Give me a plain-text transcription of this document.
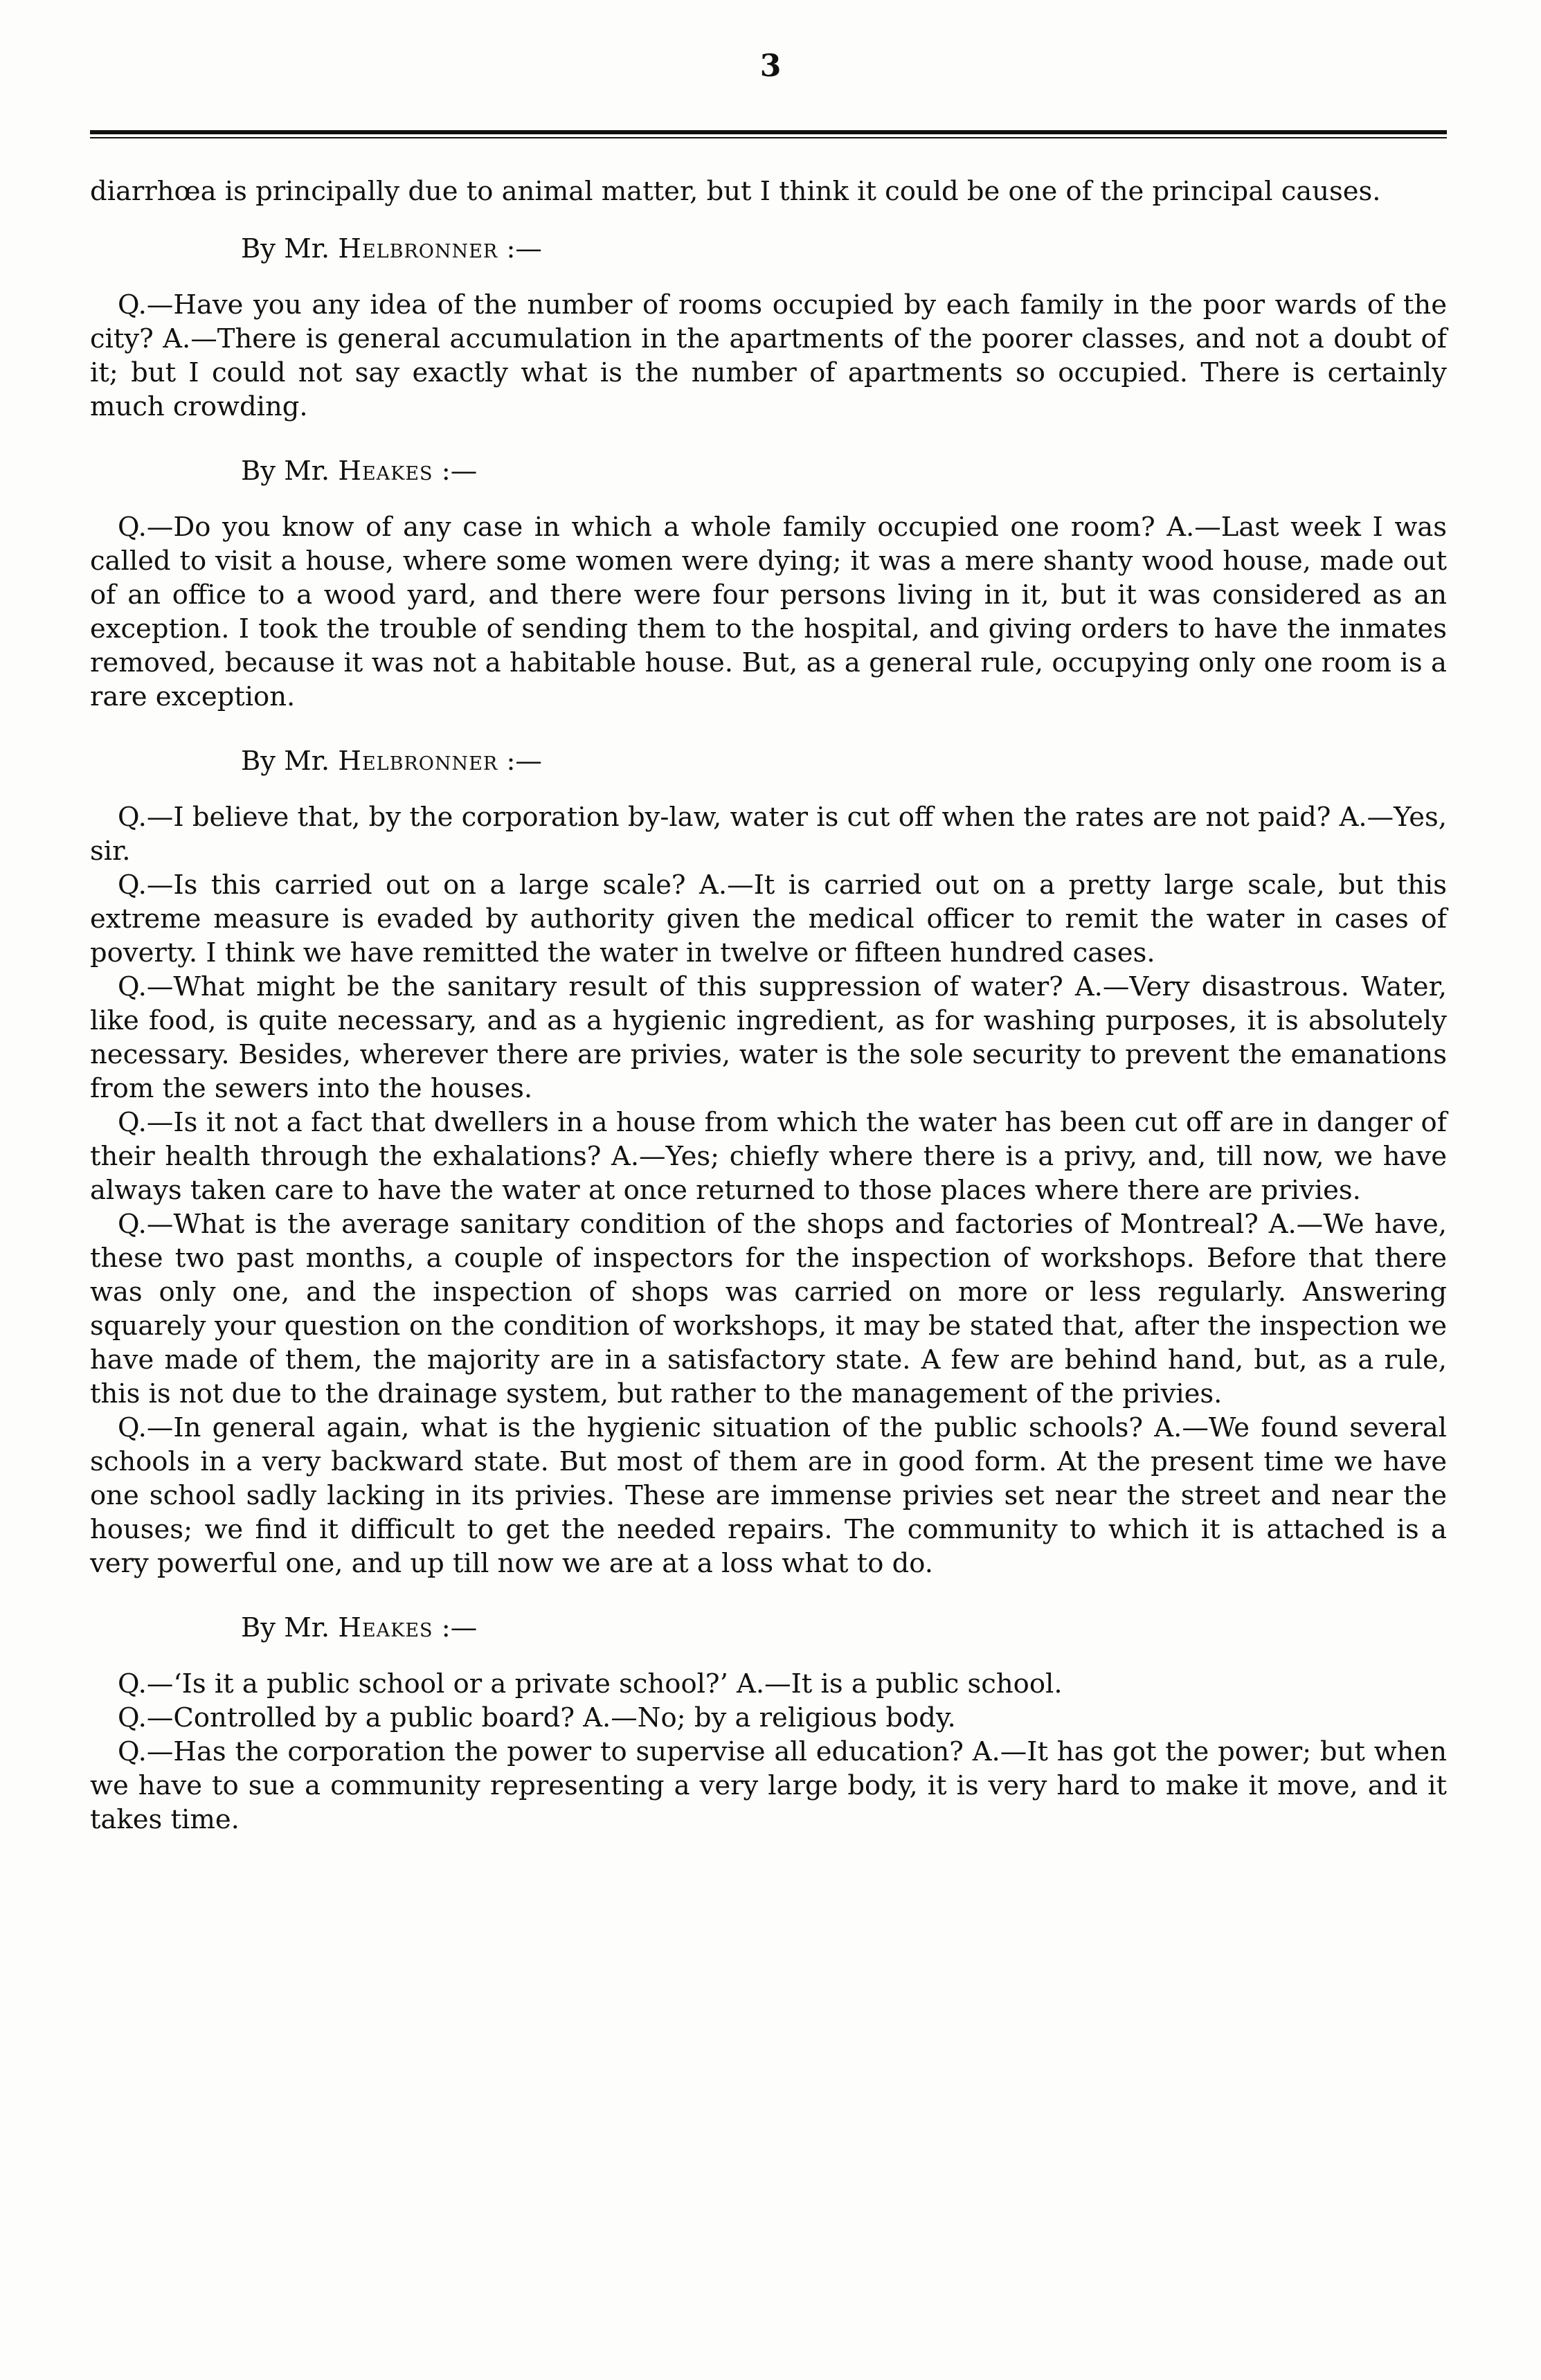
3

diarrhœa is principally due to animal matter, but I think it could be one of the principal causes.

By Mr. Helbronner :—

Q.—Have you any idea of the number of rooms occupied by each family in the poor wards of the city? A.—There is general accumulation in the apartments of the poorer classes, and not a doubt of it; but I could not say exactly what is the number of apartments so occupied. There is certainly much crowding.

By Mr. Heakes :—

Q.—Do you know of any case in which a whole family occupied one room? A.—Last week I was called to visit a house, where some women were dying; it was a mere shanty wood house, made out of an office to a wood yard, and there were four persons living in it, but it was considered as an exception. I took the trouble of sending them to the hospital, and giving orders to have the inmates removed, because it was not a habitable house. But, as a general rule, occupying only one room is a rare exception.

By Mr. Helbronner :—

Q.—I believe that, by the corporation by-law, water is cut off when the rates are not paid? A.—Yes, sir.

Q.—Is this carried out on a large scale? A.—It is carried out on a pretty large scale, but this extreme measure is evaded by authority given the medical officer to remit the water in cases of poverty. I think we have remitted the water in twelve or fifteen hundred cases.

Q.—What might be the sanitary result of this suppression of water? A.—Very disastrous. Water, like food, is quite necessary, and as a hygienic ingredient, as for washing purposes, it is absolutely necessary. Besides, wherever there are privies, water is the sole security to prevent the emanations from the sewers into the houses.

Q.—Is it not a fact that dwellers in a house from which the water has been cut off are in danger of their health through the exhalations? A.—Yes; chiefly where there is a privy, and, till now, we have always taken care to have the water at once returned to those places where there are privies.

Q.—What is the average sanitary condition of the shops and factories of Montreal? A.—We have, these two past months, a couple of inspectors for the inspection of workshops. Before that there was only one, and the inspection of shops was carried on more or less regularly. Answering squarely your question on the condition of workshops, it may be stated that, after the inspection we have made of them, the majority are in a satisfactory state. A few are behind hand, but, as a rule, this is not due to the drainage system, but rather to the management of the privies.

Q.—In general again, what is the hygienic situation of the public schools? A.—We found several schools in a very backward state. But most of them are in good form. At the present time we have one school sadly lacking in its privies. These are immense privies set near the street and near the houses; we find it difficult to get the needed repairs. The community to which it is attached is a very powerful one, and up till now we are at a loss what to do.

By Mr. Heakes :—

Q.—‘Is it a public school or a private school?’ A.—It is a public school.

Q.—Controlled by a public board? A.—No; by a religious body.

Q.—Has the corporation the power to supervise all education? A.—It has got the power; but when we have to sue a community representing a very large body, it is very hard to make it move, and it takes time.
